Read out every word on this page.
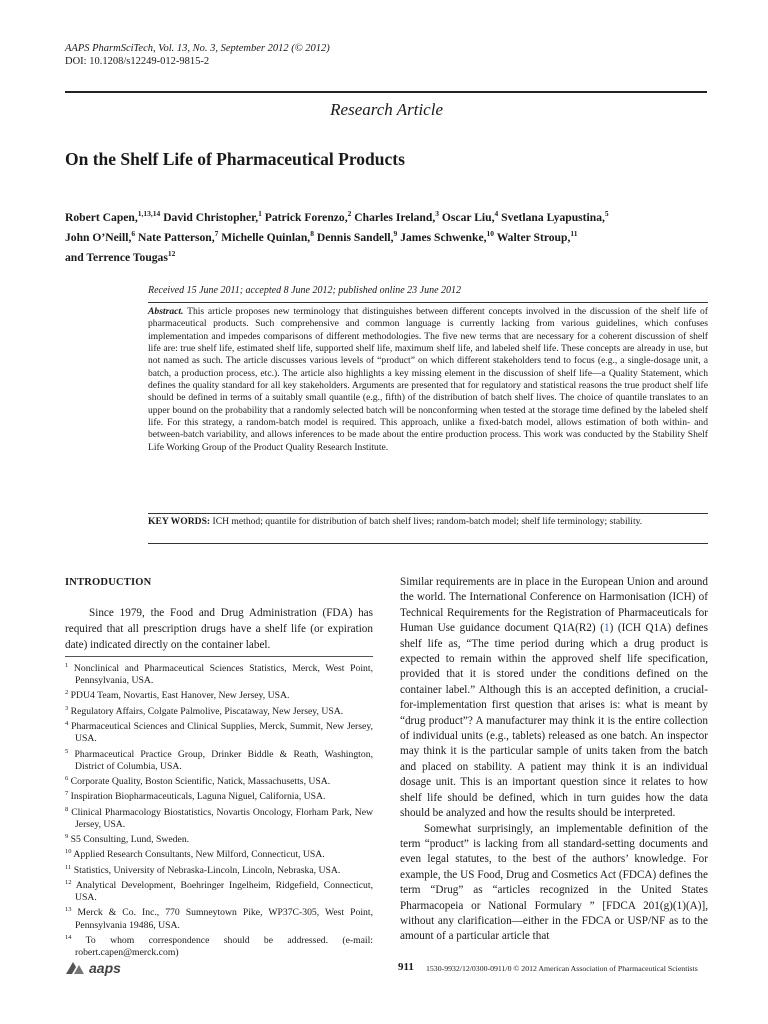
AAPS PharmSciTech, Vol. 13, No. 3, September 2012 (© 2012)
DOI: 10.1208/s12249-012-9815-2
Research Article
On the Shelf Life of Pharmaceutical Products
Robert Capen,$^{1,13,14}$ David Christopher,$^1$ Patrick Forenzo,$^2$ Charles Ireland,$^3$ Oscar Liu,$^4$ Svetlana Lyapustina,$^5$
John O’Neill,$^6$ Nate Patterson,$^7$ Michelle Quinlan,$^8$ Dennis Sandell,$^9$ James Schwenke,$^{10}$ Walter Stroup,$^{11}$
and Terrence Tougas$^{12}$
Received 15 June 2011; accepted 8 June 2012; published online 23 June 2012
Abstract. This article proposes new terminology that distinguishes between different concepts involved in the discussion of the shelf life of pharmaceutical products. Such comprehensive and common language is currently lacking from various guidelines, which confuses implementation and impedes comparisons of different methodologies. The five new terms that are necessary for a coherent discussion of shelf life are: true shelf life, estimated shelf life, supported shelf life, maximum shelf life, and labeled shelf life. These concepts are already in use, but not named as such. The article discusses various levels of “product” on which different stakeholders tend to focus (e.g., a single-dosage unit, a batch, a production process, etc.). The article also highlights a key missing element in the discussion of shelf life—a Quality Statement, which defines the quality standard for all key stakeholders. Arguments are presented that for regulatory and statistical reasons the true product shelf life should be defined in terms of a suitably small quantile (e.g., fifth) of the distribution of batch shelf lives. The choice of quantile translates to an upper bound on the probability that a randomly selected batch will be nonconforming when tested at the storage time defined by the labeled shelf life. For this strategy, a random-batch model is required. This approach, unlike a fixed-batch model, allows estimation of both within- and between-batch variability, and allows inferences to be made about the entire production process. This work was conducted by the Stability Shelf Life Working Group of the Product Quality Research Institute.
KEY WORDS: ICH method; quantile for distribution of batch shelf lives; random-batch model; shelf life terminology; stability.
INTRODUCTION
Since 1979, the Food and Drug Administration (FDA) has required that all prescription drugs have a shelf life (or expiration date) indicated directly on the container label.
$^1$ Nonclinical and Pharmaceutical Sciences Statistics, Merck, West Point, Pennsylvania, USA.
$^2$ PDU4 Team, Novartis, East Hanover, New Jersey, USA.
$^3$ Regulatory Affairs, Colgate Palmolive, Piscataway, New Jersey, USA.
$^4$ Pharmaceutical Sciences and Clinical Supplies, Merck, Summit, New Jersey, USA.
$^5$ Pharmaceutical Practice Group, Drinker Biddle & Reath, Washington, District of Columbia, USA.
$^6$ Corporate Quality, Boston Scientific, Natick, Massachusetts, USA.
$^7$ Inspiration Biopharmaceuticals, Laguna Niguel, California, USA.
$^8$ Clinical Pharmacology Biostatistics, Novartis Oncology, Florham Park, New Jersey, USA.
$^9$ S5 Consulting, Lund, Sweden.
$^{10}$ Applied Research Consultants, New Milford, Connecticut, USA.
$^{11}$ Statistics, University of Nebraska-Lincoln, Lincoln, Nebraska, USA.
$^{12}$ Analytical Development, Boehringer Ingelheim, Ridgefield, Connecticut, USA.
$^{13}$ Merck & Co. Inc., 770 Sumneytown Pike, WP37C-305, West Point, Pennsylvania 19486, USA.
$^{14}$ To whom correspondence should be addressed. (e-mail: robert.capen@merck.com)

Similar requirements are in place in the European Union and around the world. The International Conference on Harmonisation (ICH) of Technical Requirements for the Registration of Pharmaceuticals for Human Use guidance document Q1A(R2) (1) (ICH Q1A) defines shelf life as, “The time period during which a drug product is expected to remain within the approved shelf life specification, provided that it is stored under the conditions defined on the container label.” Although this is an accepted definition, a crucial-for-implementation first question that arises is: what is meant by “drug product”? A manufacturer may think it is the entire collection of individual units (e.g., tablets) released as one batch. An inspector may think it is the particular sample of units taken from the batch and placed on stability. A patient may think it is an individual dosage unit. This is an important question since it relates to how shelf life should be defined, which in turn guides how the data should be analyzed and how the results should be interpreted.

Somewhat surprisingly, an implementable definition of the term “product” is lacking from all standard-setting documents and even legal statutes, to the best of the authors’ knowledge. For example, the US Food, Drug and Cosmetics Act (FDCA) defines the term “Drug” as “articles recognized in the United States Pharmacopeia or National Formulary ” [FDCA 201(g)(1)(A)], without any clarification—either in the FDCA or USP/NF as to the amount of a particular article that

aaps	911 1530-9932/12/0300-0911/0 © 2012 American Association of Pharmaceutical Scientists
